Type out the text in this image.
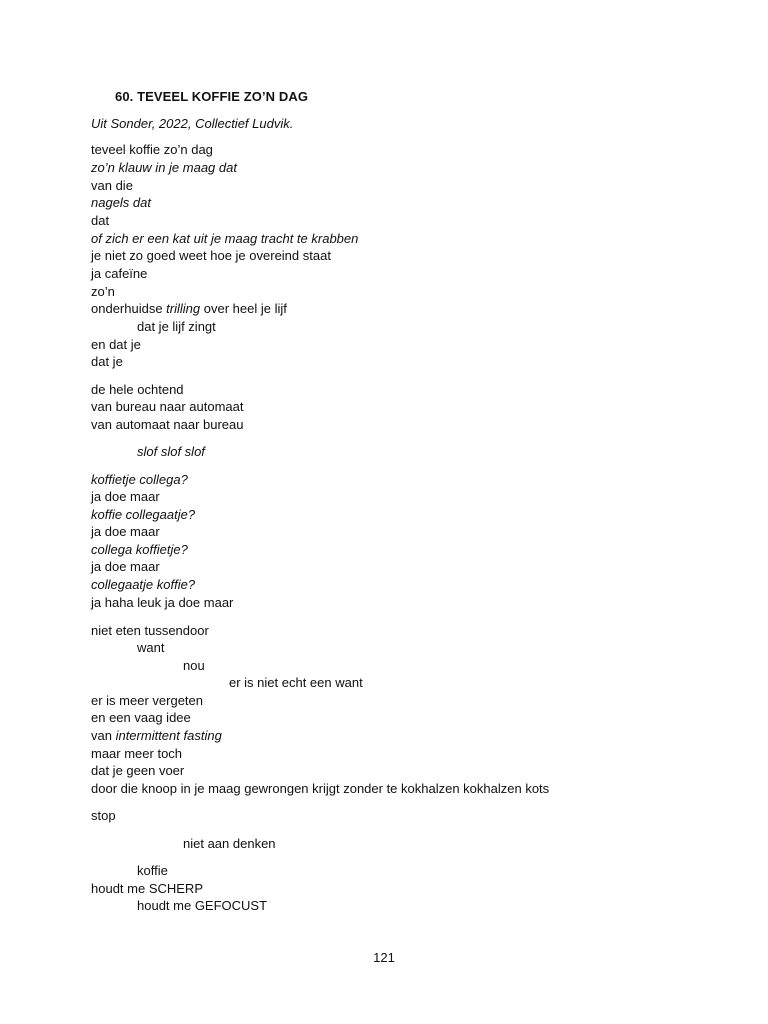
60. TEVEEL KOFFIE ZO’N DAG
Uit Sonder, 2022, Collectief Ludvik.
teveel koffie zo’n dag
zo’n klauw in je maag dat
van die
nagels dat
dat
of zich er een kat uit je maag tracht te krabben
je niet zo goed weet hoe je overeind staat
ja cafeïne
zo’n
onderhuidse trilling over heel je lijf
dat je lijf zingt
en dat je
dat je
de hele ochtend
van bureau naar automaat
van automaat naar bureau
slof slof slof
koffietje collega?
ja doe maar
koffie collegaatje?
ja doe maar
collega koffietje?
ja doe maar
collegaatje koffie?
ja haha leuk ja doe maar
niet eten tussendoor
want
nou
er is niet echt een want
er is meer vergeten
en een vaag idee
van intermittent fasting
maar meer toch
dat je geen voer
door die knoop in je maag gewrongen krijgt zonder te kokhalzen kokhalzen kots
stop
niet aan denken
koffie
houdt me SCHERP
houdt me GEFOCUST
121
